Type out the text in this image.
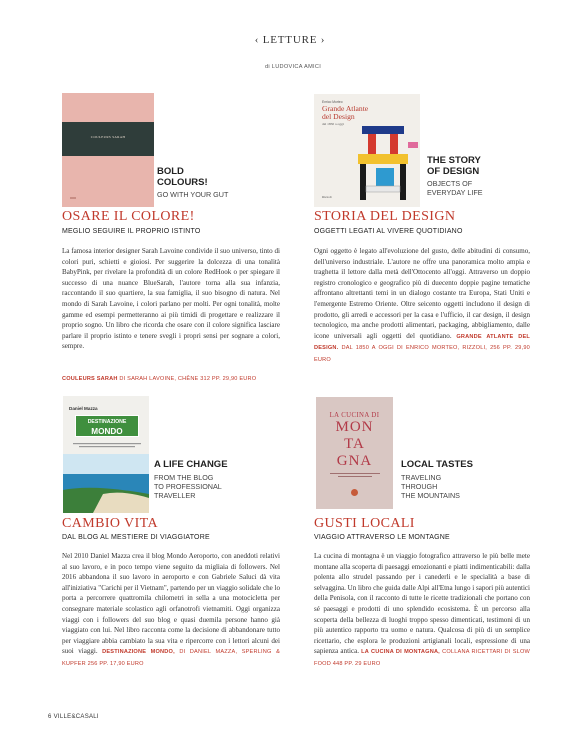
‹ LETTURE ›
di LUDOVICA AMICI
COULEURS SARAH
BOLD
COLOURS!
GO WITH YOUR GUT
OSARE IL COLORE!
MEGLIO SEGUIRE IL PROPRIO ISTINTO
La famosa interior designer Sarah Lavoine condivide il suo universo, tinto di colori puri, schietti e gioiosi. Per suggerire la dolcezza di una tonalità BabyPink, per rivelare la profondità di un colore RedHook o per spiegare il successo di una nuance BlueSarah, l'autore torna alla sua infanzia, raccontando il suo quartiere, la sua famiglia, il suo bisogno di natura. Nel mondo di Sarah Lavoine, i colori parlano per molti. Per ogni tonalità, molte gamme ed esempi permetteranno ai più timidi di progettare e realizzare il proprio sogno. Un libro che ricorda che osare con il colore significa lasciare parlare il proprio istinto e tenere svegli i propri sensi per sognare a colori, sempre.
COULEURS SARAH DI SARAH LAVOINE, CHÊNE 312 PP. 29,90 EURO
Enrico Morteo
Grande Atlante
del Design
dal 1850 a oggi
Rizzoli
THE STORY
OF DESIGN
OBJECTS OF
EVERYDAY LIFE
STORIA DEL DESIGN
OGGETTI LEGATI AL VIVERE QUOTIDIANO
Ogni oggetto è legato all'evoluzione del gusto, delle abitudini di consumo, dell'universo industriale. L'autore ne offre una panoramica molto ampia e traghetta il lettore dalla metà dell'Ottocento all'oggi. Attraverso un doppio registro cronologico e geografico più di duecento doppie pagine tematiche affrontano altrettanti temi in un dialogo costante tra Europa, Stati Uniti e l'emergente Estremo Oriente. Oltre seicento oggetti includono il design di prodotto, gli arredi e accessori per la casa e l'ufficio, il car design, il design tecnologico, ma anche prodotti alimentari, packaging, abbigliamento, dalle icone universali agli oggetti del quotidiano. GRANDE ATLANTE DEL DESIGN. DAL 1850 A OGGI DI ENRICO MORTEO, RIZZOLI, 256 PP. 29,90 EURO
Daniel Mazza
DESTINAZIONE
MONDO
A LIFE CHANGE
FROM THE BLOG
TO PROFESSIONAL
TRAVELLER
CAMBIO VITA
DAL BLOG AL MESTIERE DI VIAGGIATORE
Nel 2010 Daniel Mazza crea il blog Mondo Aeroporto, con aneddoti relativi al suo lavoro, e in poco tempo viene seguito da migliaia di followers. Nel 2016 abbandona il suo lavoro in aeroporto e con Gabriele Saluci dà vita all'iniziativa "Carichi per il Vietnam", partendo per un viaggio solidale che lo porta a percorrere quattromila chilometri in sella a una motocicletta per consegnare materiale scolastico agli orfanotrofi vietnamiti. Oggi organizza viaggi con i followers del suo blog e quasi duemila persone hanno già viaggiato con lui. Nel libro racconta come la decisione di abbandonare tutto per viaggiare abbia cambiato la sua vita e ripercorre con i lettori alcuni dei suoi viaggi. DESTINAZIONE MONDO, DI DANIEL MAZZA, SPERLING & KUPFER 256 PP. 17,90 EURO
LA CUCINA DI
MON
TA
GNA	LOCAL TASTES
TRAVELING
THROUGH
THE MOUNTAINS
GUSTI LOCALI
VIAGGIO ATTRAVERSO LE MONTAGNE
La cucina di montagna è un viaggio fotografico attraverso le più belle mete montane alla scoperta di paesaggi emozionanti e piatti indimenticabili: dalla polenta allo strudel passando per i canederli e le specialità a base di selvaggina. Un libro che guida dalle Alpi all'Etna lungo i sapori più autentici della Penisola, con il racconto di tutte le ricette tradizionali che portano con sé paesaggi e prodotti di uno splendido ecosistema. È un percorso alla scoperta della bellezza di luoghi troppo spesso dimenticati, testimoni di un più autentico rapporto tra uomo e natura. Qualcosa di più di un semplice ricettario, che esplora le produzioni artigianali locali, espressione di una sapienza antica. LA CUCINA DI MONTAGNA, COLLANA RICETTARI DI SLOW FOOD 448 PP. 29 EURO
6 VILLE&CASALI
